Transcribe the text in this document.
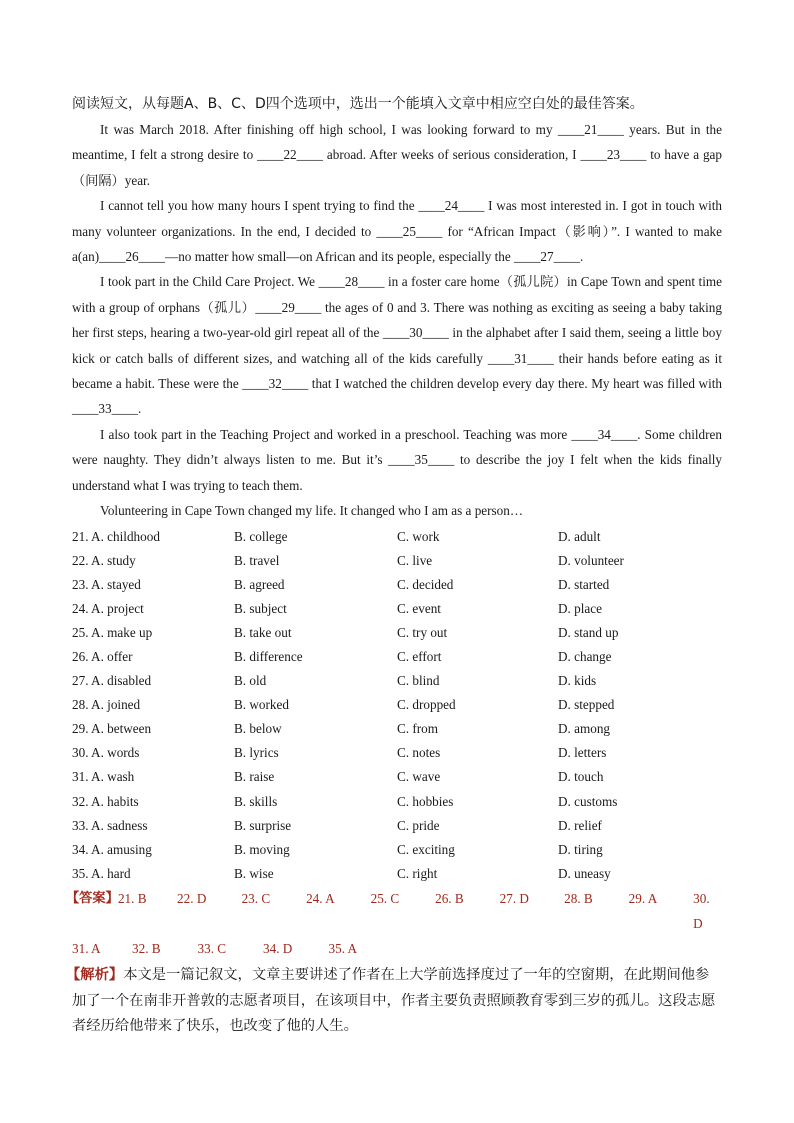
阅读短文，从每题A、B、C、D四个选项中，选出一个能填入文章中相应空白处的最佳答案。

It was March 2018. After finishing off high school, I was looking forward to my ____21____ years. But in the meantime, I felt a strong desire to ____22____ abroad. After weeks of serious consideration, I ____23____ to have a gap（间隔）year.

I cannot tell you how many hours I spent trying to find the ____24____ I was most interested in. I got in touch with many volunteer organizations. In the end, I decided to ____25____ for “African Impact（影响）”. I wanted to make a(an)____26____—no matter how small—on African and its people, especially the ____27____.

I took part in the Child Care Project. We ____28____ in a foster care home（孤儿院）in Cape Town and spent time with a group of orphans（孤儿）____29____ the ages of 0 and 3. There was nothing as exciting as seeing a baby taking her first steps, hearing a two-year-old girl repeat all of the ____30____ in the alphabet after I said them, seeing a little boy kick or catch balls of different sizes, and watching all of the kids carefully ____31____ their hands before eating as it became a habit. These were the ____32____ that I watched the children develop every day there. My heart was filled with ____33____.

I also took part in the Teaching Project and worked in a preschool. Teaching was more ____34____. Some children were naughty. They didn’t always listen to me. But it’s ____35____ to describe the joy I felt when the kids finally understand what I was trying to teach them.

Volunteering in Cape Town changed my life. It changed who I am as a person…

21. A. childhood	B. college	C. work	D. adult
22. A. study	B. travel	C. live	D. volunteer
23. A. stayed	B. agreed	C. decided	D. started
24. A. project	B. subject	C. event	D. place
25. A. make up	B. take out	C. try out	D. stand up
26. A. offer	B. difference	C. effort	D. change
27. A. disabled	B. old	C. blind	D. kids
28. A. joined	B. worked	C. dropped	D. stepped
29. A. between	B. below	C. from	D. among
30. A. words	B. lyrics	C. notes	D. letters
31. A. wash	B. raise	C. wave	D. touch
32. A. habits	B. skills	C. hobbies	D. customs
33. A. sadness	B. surprise	C. pride	D. relief
34. A. amusing	B. moving	C. exciting	D. tiring
35. A. hard	B. wise	C. right	D. uneasy
【答案】 21. B	22. D	23. C	24. A	25. C	26. B	27. D	28. B	29. A	30. D
31. A	32. B	33. C	34. D	35. A
【解析】本文是一篇记叙文，文章主要讲述了作者在上大学前选择度过了一年的空窗期，在此期间他参加了一个在南非开普敦的志愿者项目，在该项目中，作者主要负责照顾教育零到三岁的孤儿。这段志愿者经历给他带来了快乐，也改变了他的人生。
